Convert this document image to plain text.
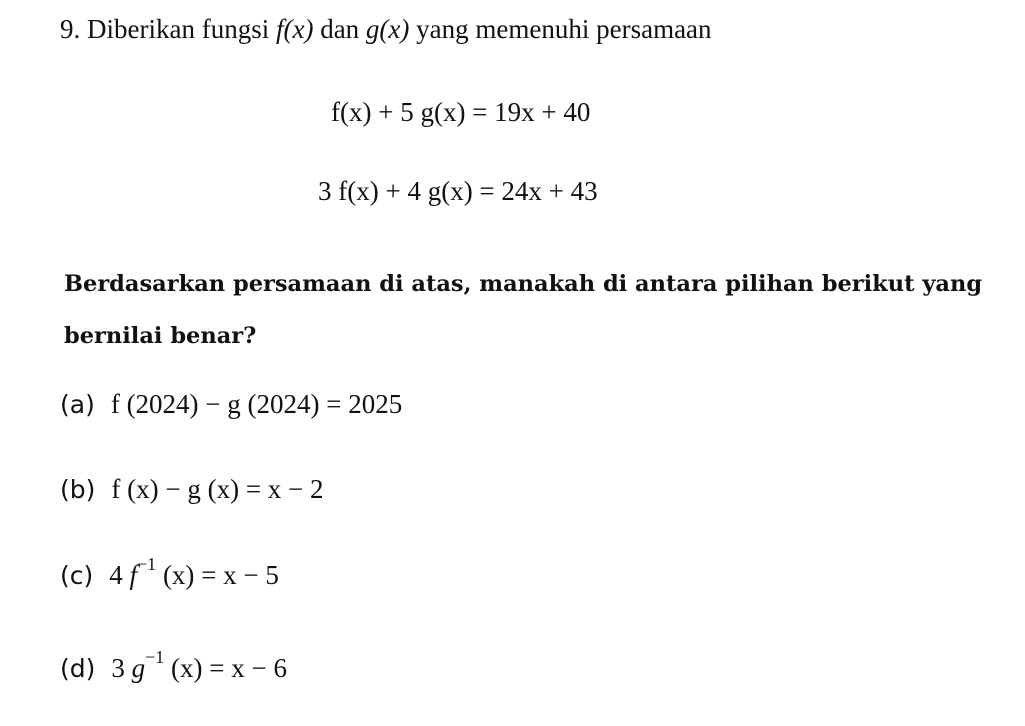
9. Diberikan fungsi f(x) dan g(x) yang memenuhi persamaan
f(x) + 5 g(x) = 19x + 40
3 f(x) + 4 g(x) = 24x + 43
Berdasarkan persamaan di atas, manakah di antara pilihan berikut yang bernilai benar?
(a) f (2024) − g (2024) = 2025
(b) f (x) − g (x) = x − 2
(c) 4 $f^{-1}$ (x) = x − 5
(d) 3 $g^{-1}$ (x) = x − 6
